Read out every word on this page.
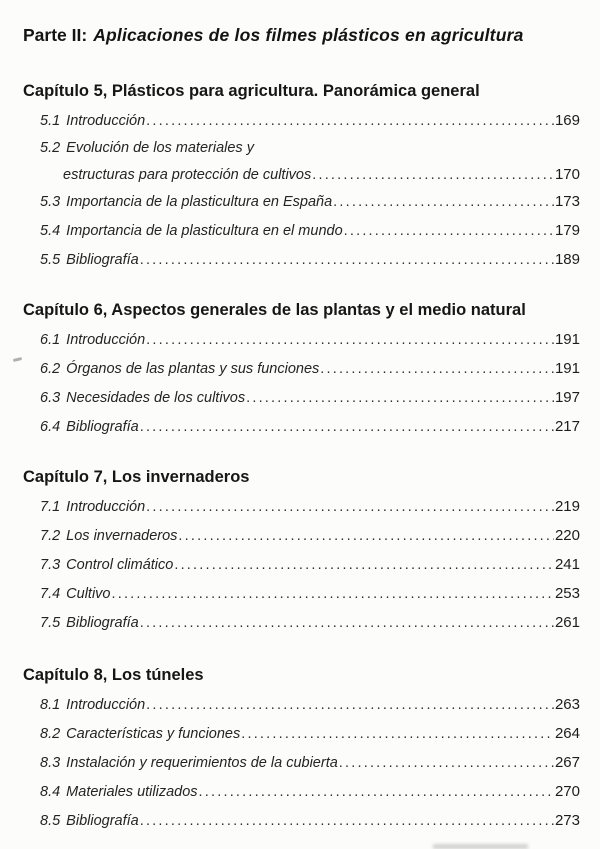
Parte II: Aplicaciones de los filmes plásticos en agricultura
Capítulo 5, Plásticos para agricultura. Panorámica general
5.1 Introducción .....	169
5.2 Evolución de los materiales y
estructuras para protección de cultivos .....	170
5.3 Importancia de la plasticultura en España .....	173
5.4 Importancia de la plasticultura en el mundo .....	179
5.5 Bibliografía .....	189
Capítulo 6, Aspectos generales de las plantas y el medio natural
6.1 Introducción .....	191
6.2 Órganos de las plantas y sus funciones .....	191
6.3 Necesidades de los cultivos .....	197
6.4 Bibliografía .....	217
Capítulo 7, Los invernaderos
7.1 Introducción .....	219
7.2 Los invernaderos .....	220
7.3 Control climático .....	241
7.4 Cultivo .....	253
7.5 Bibliografía .....	261
Capítulo 8, Los túneles
8.1 Introducción .....	263
8.2 Características y funciones .....	264
8.3 Instalación y requerimientos de la cubierta .....	267
8.4 Materiales utilizados .....	270
8.5 Bibliografía .....	273
